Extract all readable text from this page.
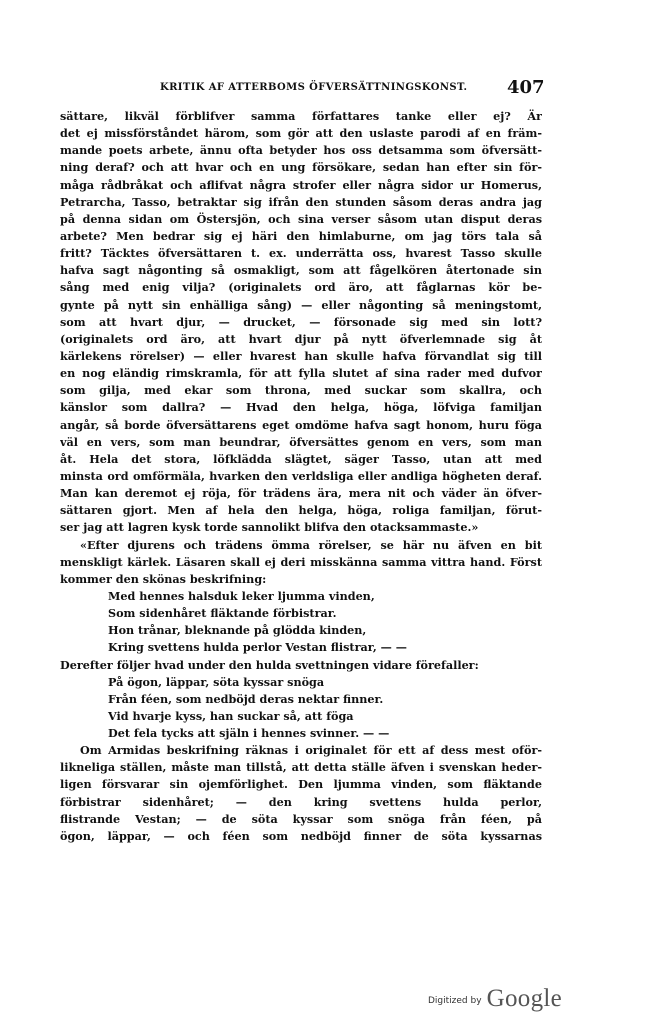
KRITIK AF ATTERBOMS ÖFVERSÄTTNINGSKONST. 407
sättare, likväl förblifver samma författares tanke eller ej? Är
det ej missförståndet härom, som gör att den uslaste parodi af en främ-
mande poets arbete, ännu ofta betyder hos oss detsamma som öfversätt-
ning deraf? och att hvar och en ung försökare, sedan han efter sin för-
måga rådbråkat och aflifvat några strofer eller några sidor ur Homerus,
Petrarcha, Tasso, betraktar sig ifrån den stunden såsom deras andra jag
på denna sidan om Östersjön, och sina verser såsom utan disput deras
arbete? Men bedrar sig ej häri den himlaburne, om jag törs tala så
fritt? Täcktes öfversättaren t. ex. underrätta oss, hvarest Tasso skulle
hafva sagt någonting så osmakligt, som att fågelkören återtonade sin
sång med enig vilja? (originalets ord äro, att fåglarnas kör be-
gynte på nytt sin enhälliga sång) — eller någonting så meningstomt,
som att hvart djur, — drucket, — försonade sig med sin lott?
(originalets ord äro, att hvart djur på nytt öfverlemnade sig åt
kärlekens rörelser) — eller hvarest han skulle hafva förvandlat sig till
en nog eländig rimskramla, för att fylla slutet af sina rader med dufvor
som gilja, med ekar som throna, med suckar som skallra, och
känslor som dallra? — Hvad den helga, höga, löfviga familjan
angår, så borde öfversättarens eget omdöme hafva sagt honom, huru föga
väl en vers, som man beundrar, öfversättes genom en vers, som man
åt. Hela det stora, löfklädda slägtet, säger Tasso, utan att med
minsta ord omförmäla, hvarken den verldsliga eller andliga högheten deraf.
Man kan deremot ej röja, för trädens ära, mera nit och väder än öfver-
sättaren gjort. Men af hela den helga, höga, roliga familjan, förut-
ser jag att lagren kysk torde sannolikt blifva den otacksammaste.»
«Efter djurens och trädens ömma rörelser, se här nu äfven en bit
menskligt kärlek. Läsaren skall ej deri misskänna samma vittra hand. Först
kommer den skönas beskrifning:
Med hennes halsduk leker ljumma vinden,
Som sidenhåret fläktande förbistrar.
Hon trånar, bleknande på glödda kinden,
Kring svettens hulda perlor Vestan flistrar, — —
Derefter följer hvad under den hulda svettningen vidare förefaller:
På ögon, läppar, söta kyssar snöga
Från féen, som nedböjd deras nektar finner.
Vid hvarje kyss, han suckar så, att föga
Det fela tycks att själn i hennes svinner. — —
Om Armidas beskrifning räknas i originalet för ett af dess mest oför-
likneliga ställen, måste man tillstå, att detta ställe äfven i svenskan heder-
ligen försvarar sin ojemförlighet. Den ljumma vinden, som fläktande
förbistrar sidenhåret; — den kring svettens hulda perlor,
flistrande Vestan; — de söta kyssar som snöga från féen, på
ögon, läppar, — och féen som nedböjd finner de söta kyssarnas
Digitized by Google
